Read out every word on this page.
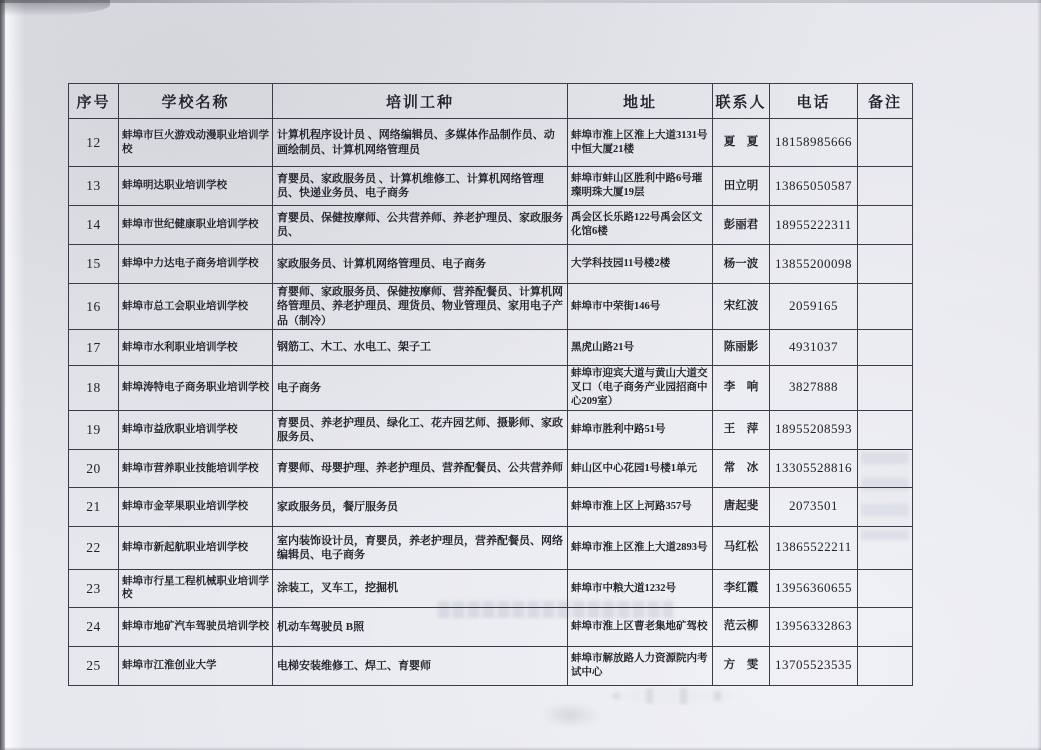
序号	学校名称	培训工种	地址	联系人	电话	备注
12	蚌埠市巨火游戏动漫职业培训学校	计算机程序设计员 、网络编辑员、多媒体作品制作员、动画绘制员、计算机网络管理员	蚌埠市淮上区淮上大道3131号中恒大厦21楼	夏　夏	18158985666	
13	蚌埠明达职业培训学校	育婴员、家政服务员 、计算机维修工、计算机网络管理员、快递业务员、电子商务	蚌埠市蚌山区胜利中路6号璀璨明珠大厦19层	田立明	13865050587	
14	蚌埠市世纪健康职业培训学校	育婴员、保健按摩师、公共营养师、养老护理员、家政服务员、	禹会区长乐路122号禹会区文化馆6楼	彭丽君	18955222311	
15	蚌埠中力达电子商务培训学校	家政服务员、计算机网络管理员、电子商务	大学科技园11号楼2楼	杨一波	13855200098	
16	蚌埠市总工会职业培训学校	育婴师、家政服务员、保健按摩师、营养配餐员、计算机网络管理员、养老护理员、理货员、物业管理员、家用电子产品（制冷）	蚌埠市中荣街146号	宋红波	2059165	
17	蚌埠市水利职业培训学校	钢筋工、木工、水电工、架子工	黑虎山路21号	陈丽影	4931037	
18	蚌埠涛特电子商务职业培训学校	电子商务	蚌埠市迎宾大道与黄山大道交叉口（电子商务产业园招商中心209室）	李　响	3827888	
19	蚌埠市益欣职业培训学校	育婴员、养老护理员、绿化工、花卉园艺师、摄影师、家政服务员、	蚌埠市胜利中路51号	王　萍	18955208593	
20	蚌埠市营养职业技能培训学校	育婴师、母婴护理、养老护理员、营养配餐员、公共营养师	蚌山区中心花园1号楼1单元	常　冰	13305528816	
21	蚌埠市金苹果职业培训学校	家政服务员，餐厅服务员	蚌埠市淮上区上河路357号	唐起斐	2073501	
22	蚌埠市新起航职业培训学校	室内装饰设计员，育婴员，养老护理员，营养配餐员、网络编辑员、电子商务	蚌埠市淮上区淮上大道2893号	马红松	13865522211	
23	蚌埠市行星工程机械职业培训学校	涂装工，叉车工，挖掘机	蚌埠市中粮大道1232号	李红霞	13956360655	
24	蚌埠市地矿汽车驾驶员培训学校	机动车驾驶员 B照	蚌埠市淮上区曹老集地矿驾校	范云柳	13956332863	
25	蚌埠市江淮创业大学	电梯安装维修工、焊工、育婴师	蚌埠市解放路人力资源院内考试中心	方　雯	13705523535	
